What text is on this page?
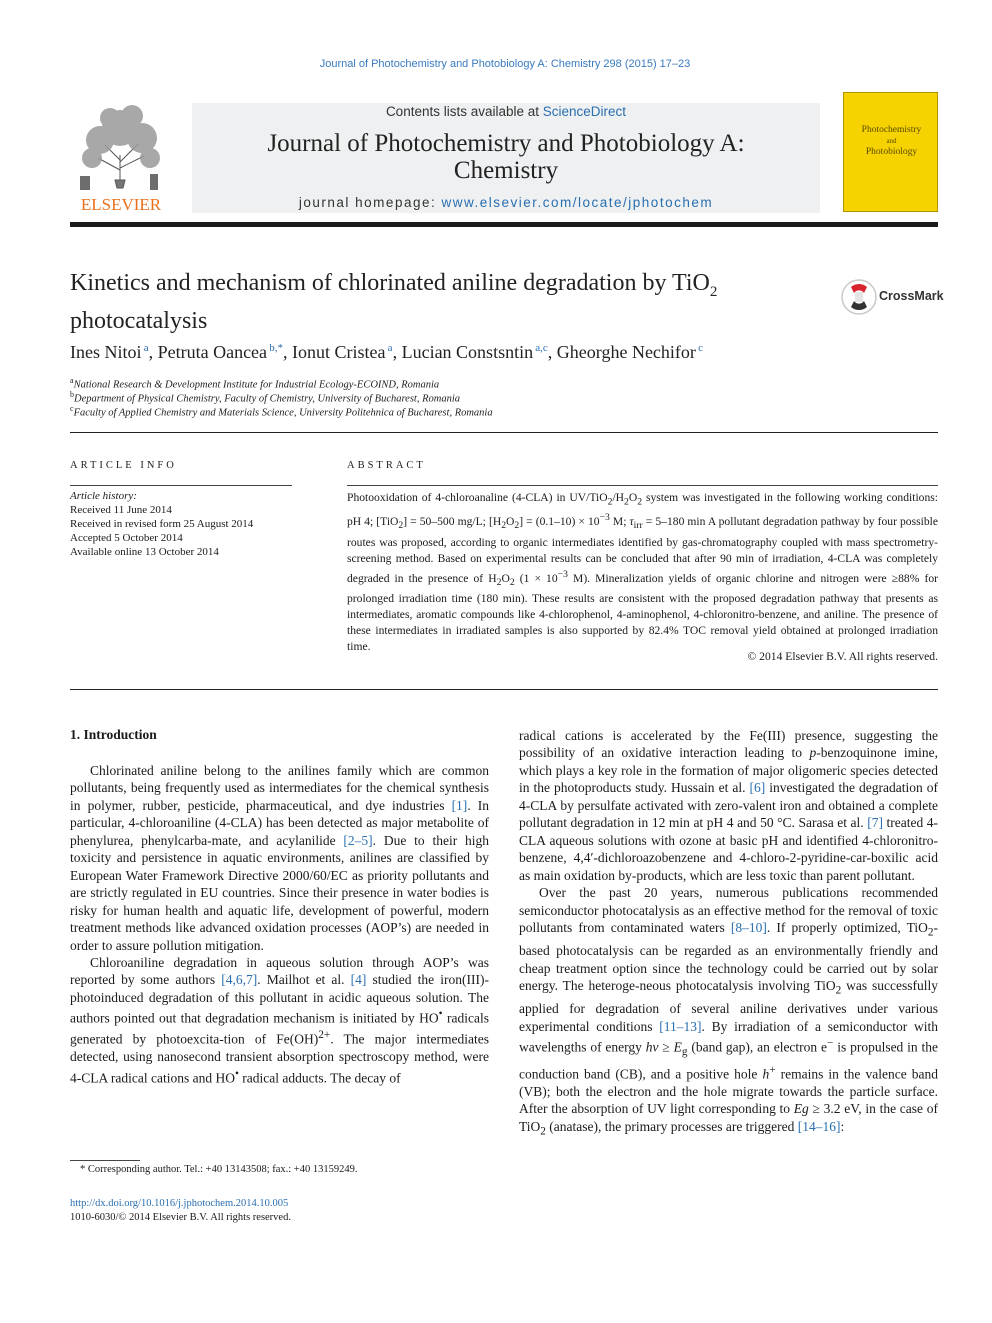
Journal of Photochemistry and Photobiology A: Chemistry 298 (2015) 17–23
ELSEVIER
Contents lists available at ScienceDirect
Journal of Photochemistry and Photobiology A:
Chemistry
journal homepage: www.elsevier.com/locate/jphotochem
Photochemistry
and
Photobiology
Kinetics and mechanism of chlorinated aniline degradation by TiO$_2$
photocatalysis
CrossMark
Ines Nitoi $^a$, Petruta Oancea $^{b,*}$, Ionut Cristea $^a$, Lucian Constsntin $^{a,c}$, Gheorghe Nechifor $^c$
$^a$National Research & Development Institute for Industrial Ecology-ECOIND, Romania
$^b$Department of Physical Chemistry, Faculty of Chemistry, University of Bucharest, Romania
$^c$Faculty of Applied Chemistry and Materials Science, University Politehnica of Bucharest, Romania
ARTICLE INFO	ABSTRACT
Article history:
Received 11 June 2014
Received in revised form 25 August 2014
Accepted 5 October 2014
Available online 13 October 2014
Photooxidation of 4-chloroanaline (4-CLA) in $UV/TiO_2/H_2O_2$ system was investigated in the following working conditions: pH 4; [TiO$_2$] = 50–500 mg/L; $[H_2O_2] = (0.1-10) \times 10^{-3}$ M; $\tau_{irr} = 5-180$ min A pollutant degradation pathway by four possible routes was proposed, according to organic intermediates identified by gas-chromatography coupled with mass spectrometry-screening method. Based on experimental results can be concluded that after 90 min of irradiation, 4-CLA was completely degraded in the presence of $H_2O_2$ ($1 \times 10^{-3}$ M). Mineralization yields of organic chlorine and nitrogen were ≥88% for prolonged irradiation time (180 min). These results are consistent with the proposed degradation pathway that presents as intermediates, aromatic compounds like 4-chlorophenol, 4-aminophenol, 4-chloronitro-benzene, and aniline. The presence of these intermediates in irradiated samples is also supported by 82.4% TOC removal yield obtained at prolonged irradiation time.
© 2014 Elsevier B.V. All rights reserved.
1. Introduction

Chlorinated aniline belong to the anilines family which are common pollutants, being frequently used as intermediates for the chemical synthesis in polymer, rubber, pesticide, pharmaceutical, and dye industries [1]. In particular, 4-chloroaniline (4-CLA) has been detected as major metabolite of phenylurea, phenylcarba-mate, and acylanilide [2–5]. Due to their high toxicity and persistence in aquatic environments, anilines are classified by European Water Framework Directive 2000/60/EC as priority pollutants and are strictly regulated in EU countries. Since their presence in water bodies is risky for human health and aquatic life, development of powerful, modern treatment methods like advanced oxidation processes (AOP’s) are needed in order to assure pollution mitigation.

Chloroaniline degradation in aqueous solution through AOP’s was reported by some authors [4,6,7]. Mailhot et al. [4] studied the iron(III)-photoinduced degradation of this pollutant in acidic aqueous solution. The authors pointed out that degradation mechanism is initiated by HO• radicals generated by photoexcita-tion of Fe(OH)$^{2+}$. The major intermediates detected, using nanosecond transient absorption spectroscopy method, were 4-CLA radical cations and HO• radical adducts. The decay of

radical cations is accelerated by the Fe(III) presence, suggesting the possibility of an oxidative interaction leading to p-benzoquinone imine, which plays a key role in the formation of major oligomeric species detected in the photoproducts study. Hussain et al. [6] investigated the degradation of 4-CLA by persulfate activated with zero-valent iron and obtained a complete pollutant degradation in 12 min at pH 4 and 50 °C. Sarasa et al. [7] treated 4-CLA aqueous solutions with ozone at basic pH and identified 4-chloronitro-benzene, 4,4′-dichloroazobenzene and 4-chloro-2-pyridine-car-boxilic acid as main oxidation by-products, which are less toxic than parent pollutant.

Over the past 20 years, numerous publications recommended semiconductor photocatalysis as an effective method for the removal of toxic pollutants from contaminated waters [8–10]. If properly optimized, TiO$_2$-based photocatalysis can be regarded as an environmentally friendly and cheap treatment option since the technology could be carried out by solar energy. The heteroge-neous photocatalysis involving TiO$_2$ was successfully applied for degradation of several aniline derivatives under various experimental conditions [11–13]. By irradiation of a semiconductor with wavelengths of energy $h\nu \ge E_g$ (band gap), an electron e− is propulsed in the conduction band (CB), and a positive hole h+ remains in the valence band (VB); both the electron and the hole migrate towards the particle surface. After the absorption of UV light corresponding to Eg ≥ 3.2 eV, in the case of TiO$_2$ (anatase), the primary processes are triggered [14–16]:

* Corresponding author. Tel.: +40 13143508; fax.: +40 13159249.
http://dx.doi.org/10.1016/j.jphotochem.2014.10.005
1010-6030/© 2014 Elsevier B.V. All rights reserved.
